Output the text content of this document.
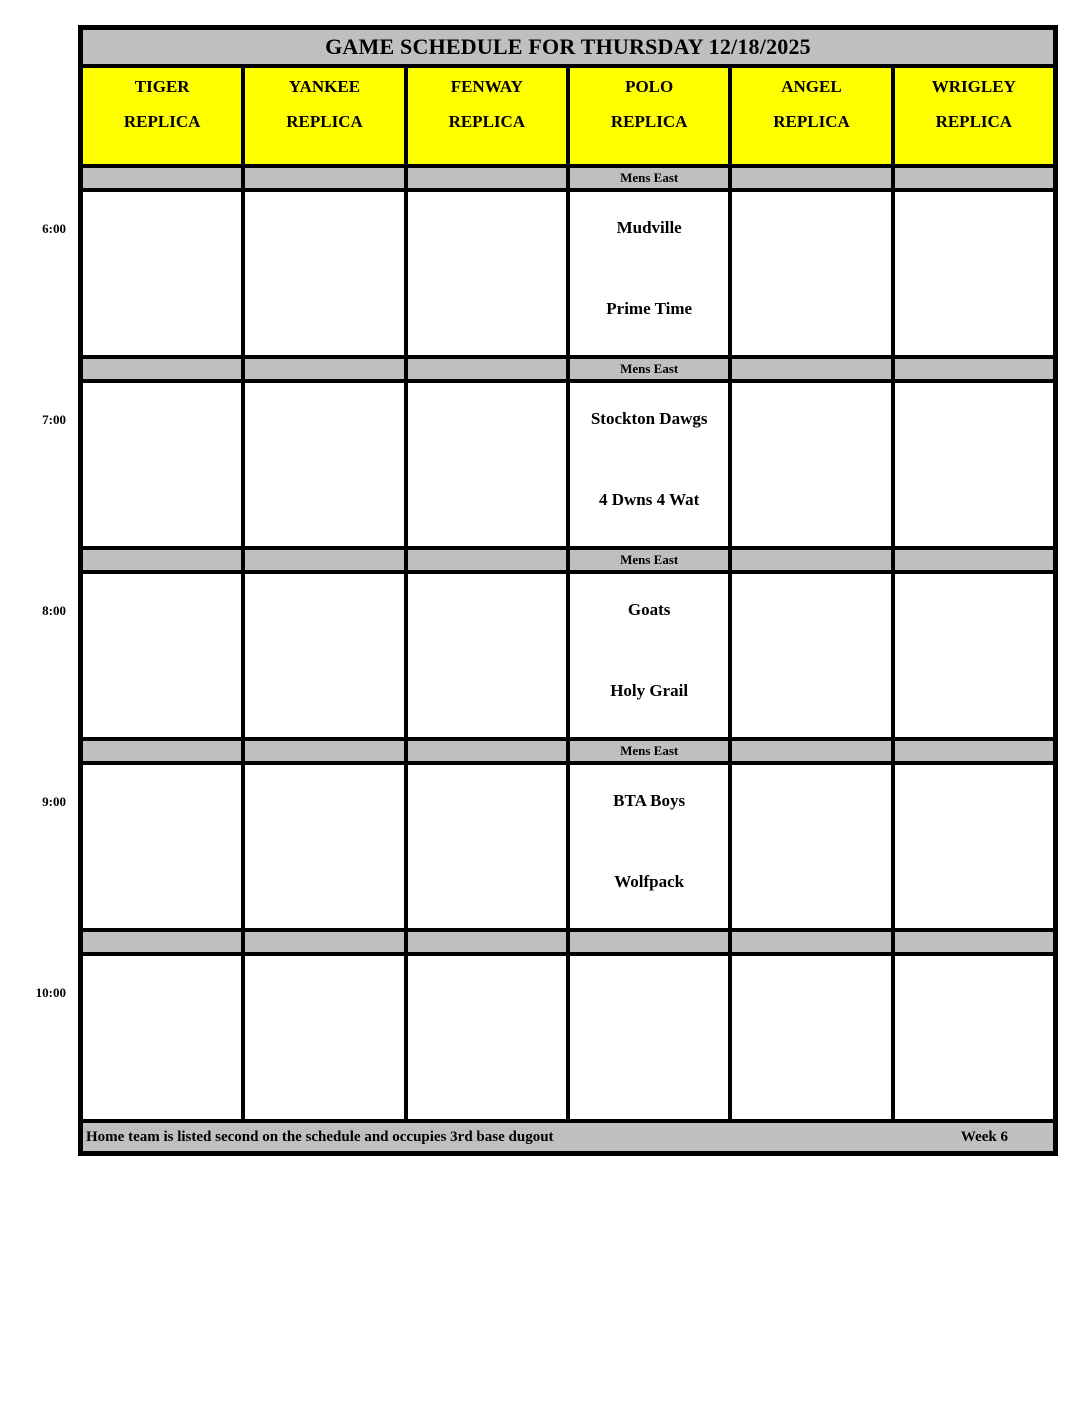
6:00
7:00
8:00
9:00
10:00
GAME SCHEDULE FOR THURSDAY 12/18/2025
TIGER
REPLICA
YANKEE
REPLICA
FENWAY
REPLICA
POLO
REPLICA
ANGEL
REPLICA
WRIGLEY
REPLICA
Mens East
Mudville
Prime Time
Mens East
Stockton Dawgs
4 Dwns 4 Wat
Mens East
Goats
Holy Grail
Mens East
BTA Boys
Wolfpack
Home team is listed second on the schedule and occupies 3rd base dugout	Week 6
